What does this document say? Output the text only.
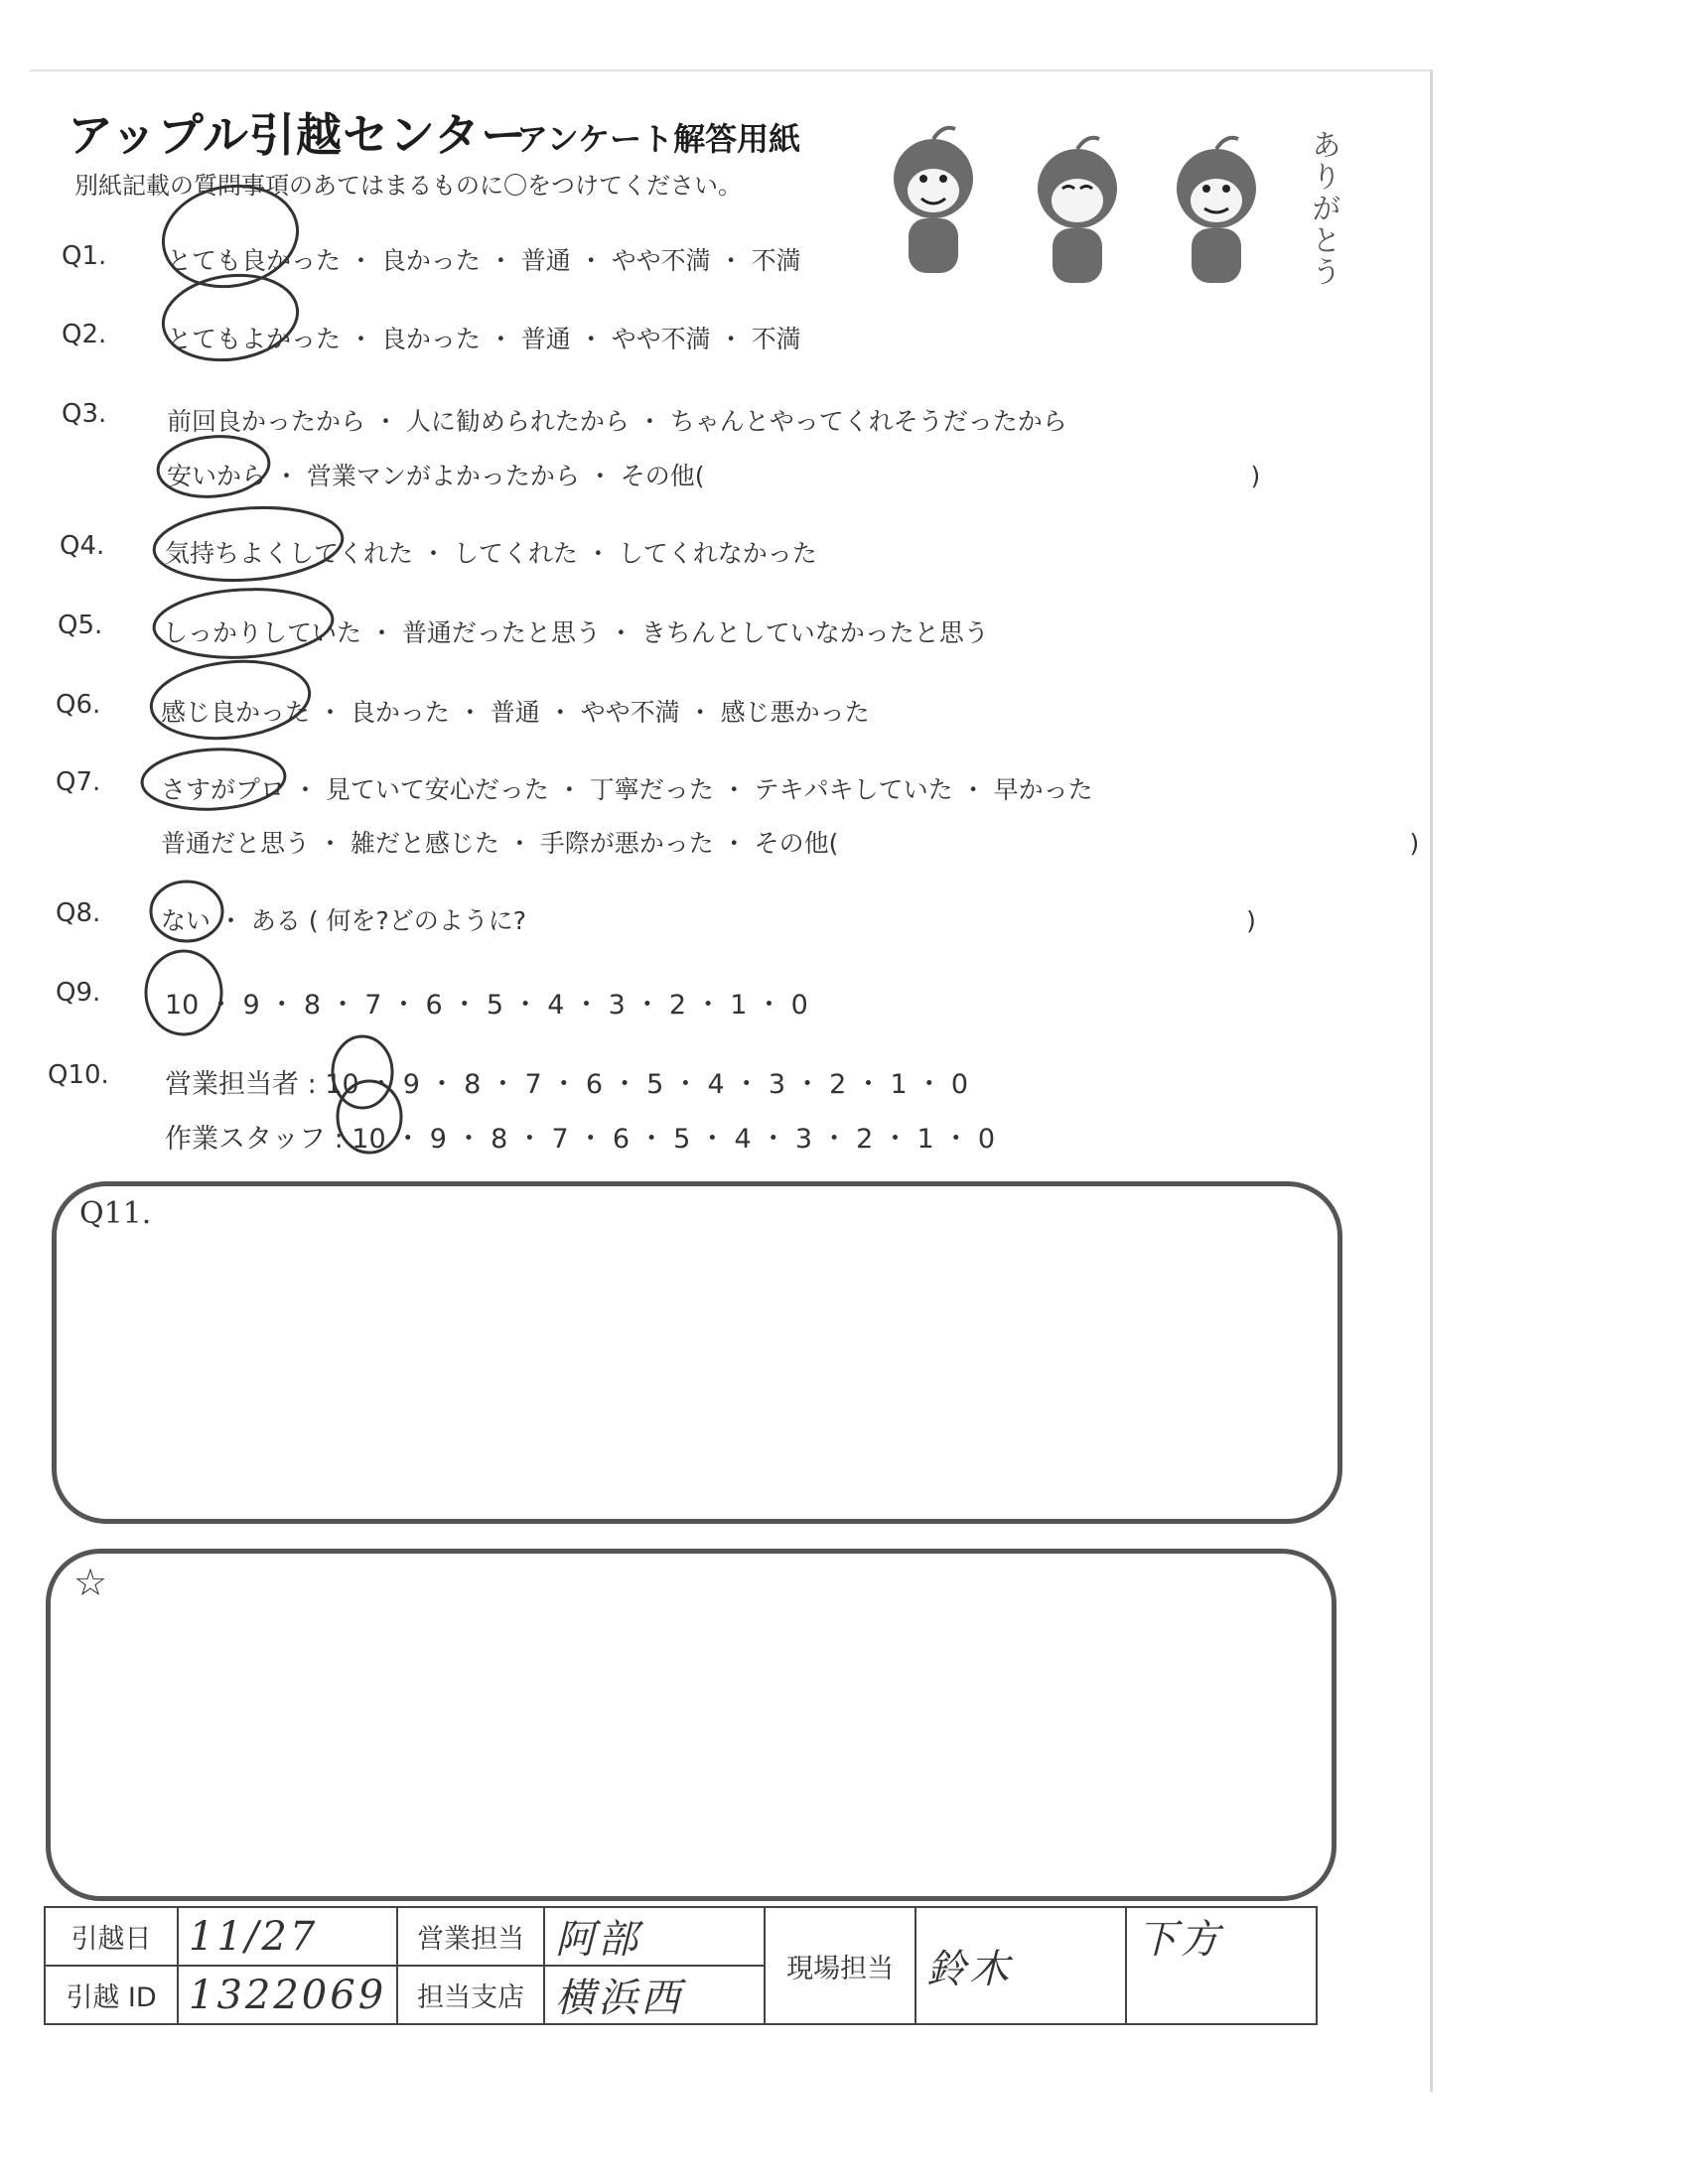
アップル引越センター
アンケート解答用紙
別紙記載の質問事項のあてはまるものに〇をつけてください。	ありがとう
Q1. とても良かった ・ 良かった ・ 普通 ・ やや不満 ・ 不満
Q2. とてもよかった ・ 良かった ・ 普通 ・ やや不満 ・ 不満
Q3. 前回良かったから ・ 人に勧められたから ・ ちゃんとやってくれそうだったから
安いから ・ 営業マンがよかったから ・ その他(　　　　　　　　　　　　　　　　　　　　　　)
Q4. 気持ちよくしてくれた ・ してくれた ・ してくれなかった
Q5. しっかりしていた ・ 普通だったと思う ・ きちんとしていなかったと思う
Q6. 感じ良かった ・ 良かった ・ 普通 ・ やや不満 ・ 感じ悪かった
Q7. さすがプロ ・ 見ていて安心だった ・ 丁寧だった ・ テキパキしていた ・ 早かった
普通だと思う ・ 雑だと感じた ・ 手際が悪かった ・ その他(　　　　　　　　　　　　　　　　　　　　　　　)
Q8. ない ・ ある ( 何を?どのように?　　　　　　　　　　　　　　　　　　　　　　　　　　　　　)
Q9. 10 ・ 9 ・ 8 ・ 7 ・ 6 ・ 5 ・ 4 ・ 3 ・ 2 ・ 1 ・ 0
Q10. 営業担当者 : 10 ・ 9 ・ 8 ・ 7 ・ 6 ・ 5 ・ 4 ・ 3 ・ 2 ・ 1 ・ 0
作業スタッフ : 10 ・ 9 ・ 8 ・ 7 ・ 6 ・ 5 ・ 4 ・ 3 ・ 2 ・ 1 ・ 0
Q11.
☆
引越日	11/27	営業担当	阿部	現場担当	鈴木	下方
引越 ID	1322069	担当支店	横浜西			
